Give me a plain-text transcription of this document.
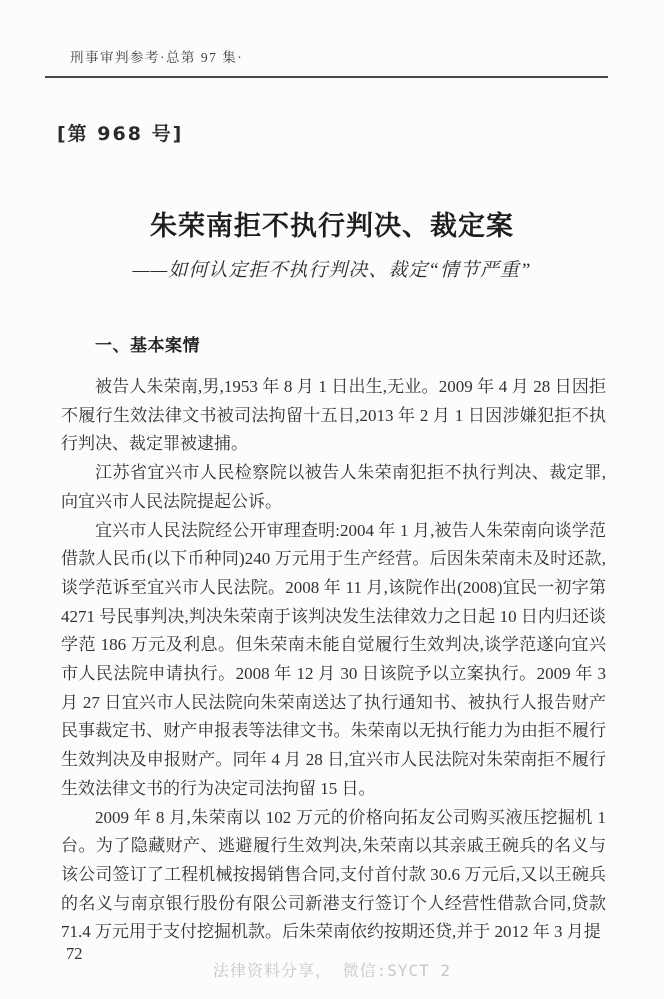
刑事审判参考·总第 97 集·
[第 968 号]
朱荣南拒不执行判决、裁定案
——如何认定拒不执行判决、裁定“情节严重”
一、基本案情

被告人朱荣南,男,1953 年 8 月 1 日出生,无业。2009 年 4 月 28 日因拒不履行生效法律文书被司法拘留十五日,2013 年 2 月 1 日因涉嫌犯拒不执行判决、裁定罪被逮捕。

江苏省宜兴市人民检察院以被告人朱荣南犯拒不执行判决、裁定罪,向宜兴市人民法院提起公诉。

宜兴市人民法院经公开审理查明:2004 年 1 月,被告人朱荣南向谈学范借款人民币(以下币种同)240 万元用于生产经营。后因朱荣南未及时还款,谈学范诉至宜兴市人民法院。2008 年 11 月,该院作出(2008)宜民一初字第 4271 号民事判决,判决朱荣南于该判决发生法律效力之日起 10 日内归还谈学范 186 万元及利息。但朱荣南未能自觉履行生效判决,谈学范遂向宜兴市人民法院申请执行。2008 年 12 月 30 日该院予以立案执行。2009 年 3 月 27 日宜兴市人民法院向朱荣南送达了执行通知书、被执行人报告财产民事裁定书、财产申报表等法律文书。朱荣南以无执行能力为由拒不履行生效判决及申报财产。同年 4 月 28 日,宜兴市人民法院对朱荣南拒不履行生效法律文书的行为决定司法拘留 15 日。

2009 年 8 月,朱荣南以 102 万元的价格向拓友公司购买液压挖掘机 1 台。为了隐藏财产、逃避履行生效判决,朱荣南以其亲戚王碗兵的名义与该公司签订了工程机械按揭销售合同,支付首付款 30.6 万元后,又以王碗兵的名义与南京银行股份有限公司新港支行签订个人经营性借款合同,贷款 71.4 万元用于支付挖掘机款。后朱荣南依约按期还贷,并于 2012 年 3 月提

72
法律资料分享， 微信:SYCT 2
